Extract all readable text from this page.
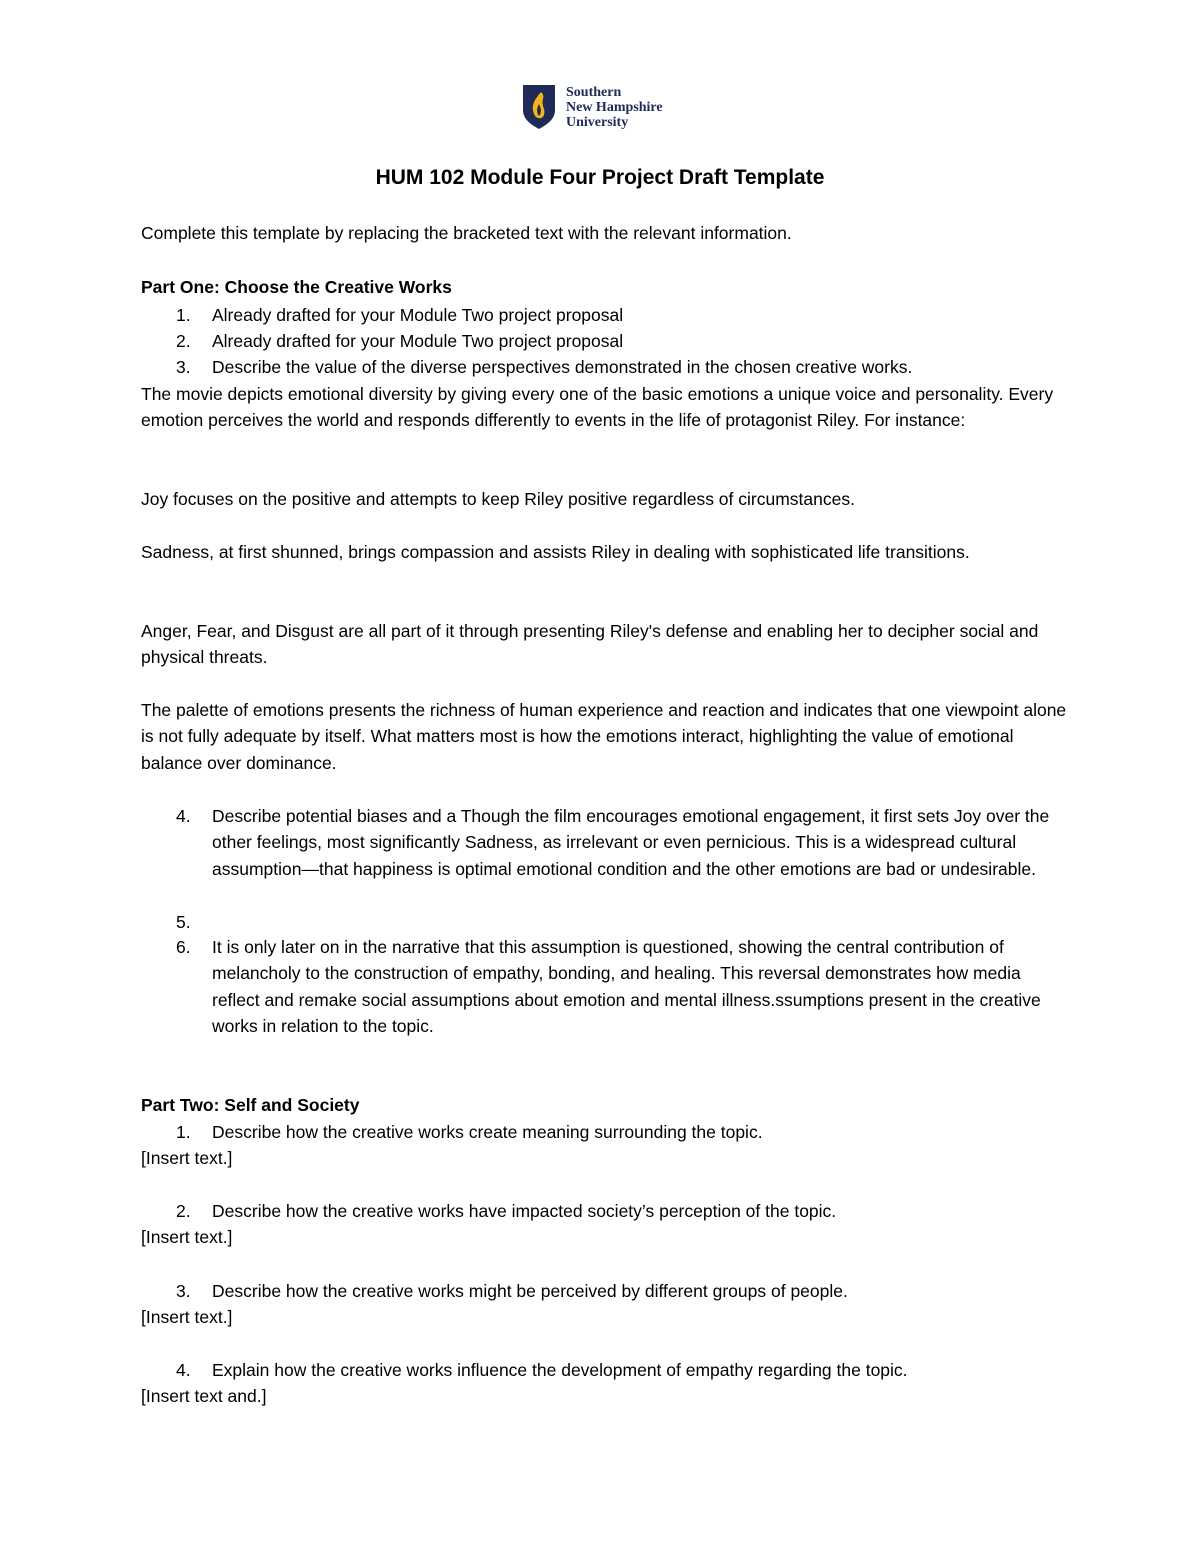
Southern
New Hampshire
University
HUM 102 Module Four Project Draft Template
Complete this template by replacing the bracketed text with the relevant information.
Part One: Choose the Creative Works
1. Already drafted for your Module Two project proposal
2. Already drafted for your Module Two project proposal
3. Describe the value of the diverse perspectives demonstrated in the chosen creative works.
The movie depicts emotional diversity by giving every one of the basic emotions a unique voice and personality. Every emotion perceives the world and responds differently to events in the life of protagonist Riley. For instance:
Joy focuses on the positive and attempts to keep Riley positive regardless of circumstances.
Sadness, at first shunned, brings compassion and assists Riley in dealing with sophisticated life transitions.
Anger, Fear, and Disgust are all part of it through presenting Riley's defense and enabling her to decipher social and physical threats.
The palette of emotions presents the richness of human experience and reaction and indicates that one viewpoint alone is not fully adequate by itself. What matters most is how the emotions interact, highlighting the value of emotional balance over dominance.
4. Describe potential biases and a Though the film encourages emotional engagement, it first sets Joy over the other feelings, most significantly Sadness, as irrelevant or even pernicious. This is a widespread cultural assumption—that happiness is optimal emotional condition and the other emotions are bad or undesirable.
5.
6. It is only later on in the narrative that this assumption is questioned, showing the central contribution of melancholy to the construction of empathy, bonding, and healing. This reversal demonstrates how media reflect and remake social assumptions about emotion and mental illness.ssumptions present in the creative works in relation to the topic.
Part Two: Self and Society
1. Describe how the creative works create meaning surrounding the topic.
[Insert text.]
2. Describe how the creative works have impacted society’s perception of the topic.
[Insert text.]
3. Describe how the creative works might be perceived by different groups of people.
[Insert text.]
4. Explain how the creative works influence the development of empathy regarding the topic.
[Insert text and.]
